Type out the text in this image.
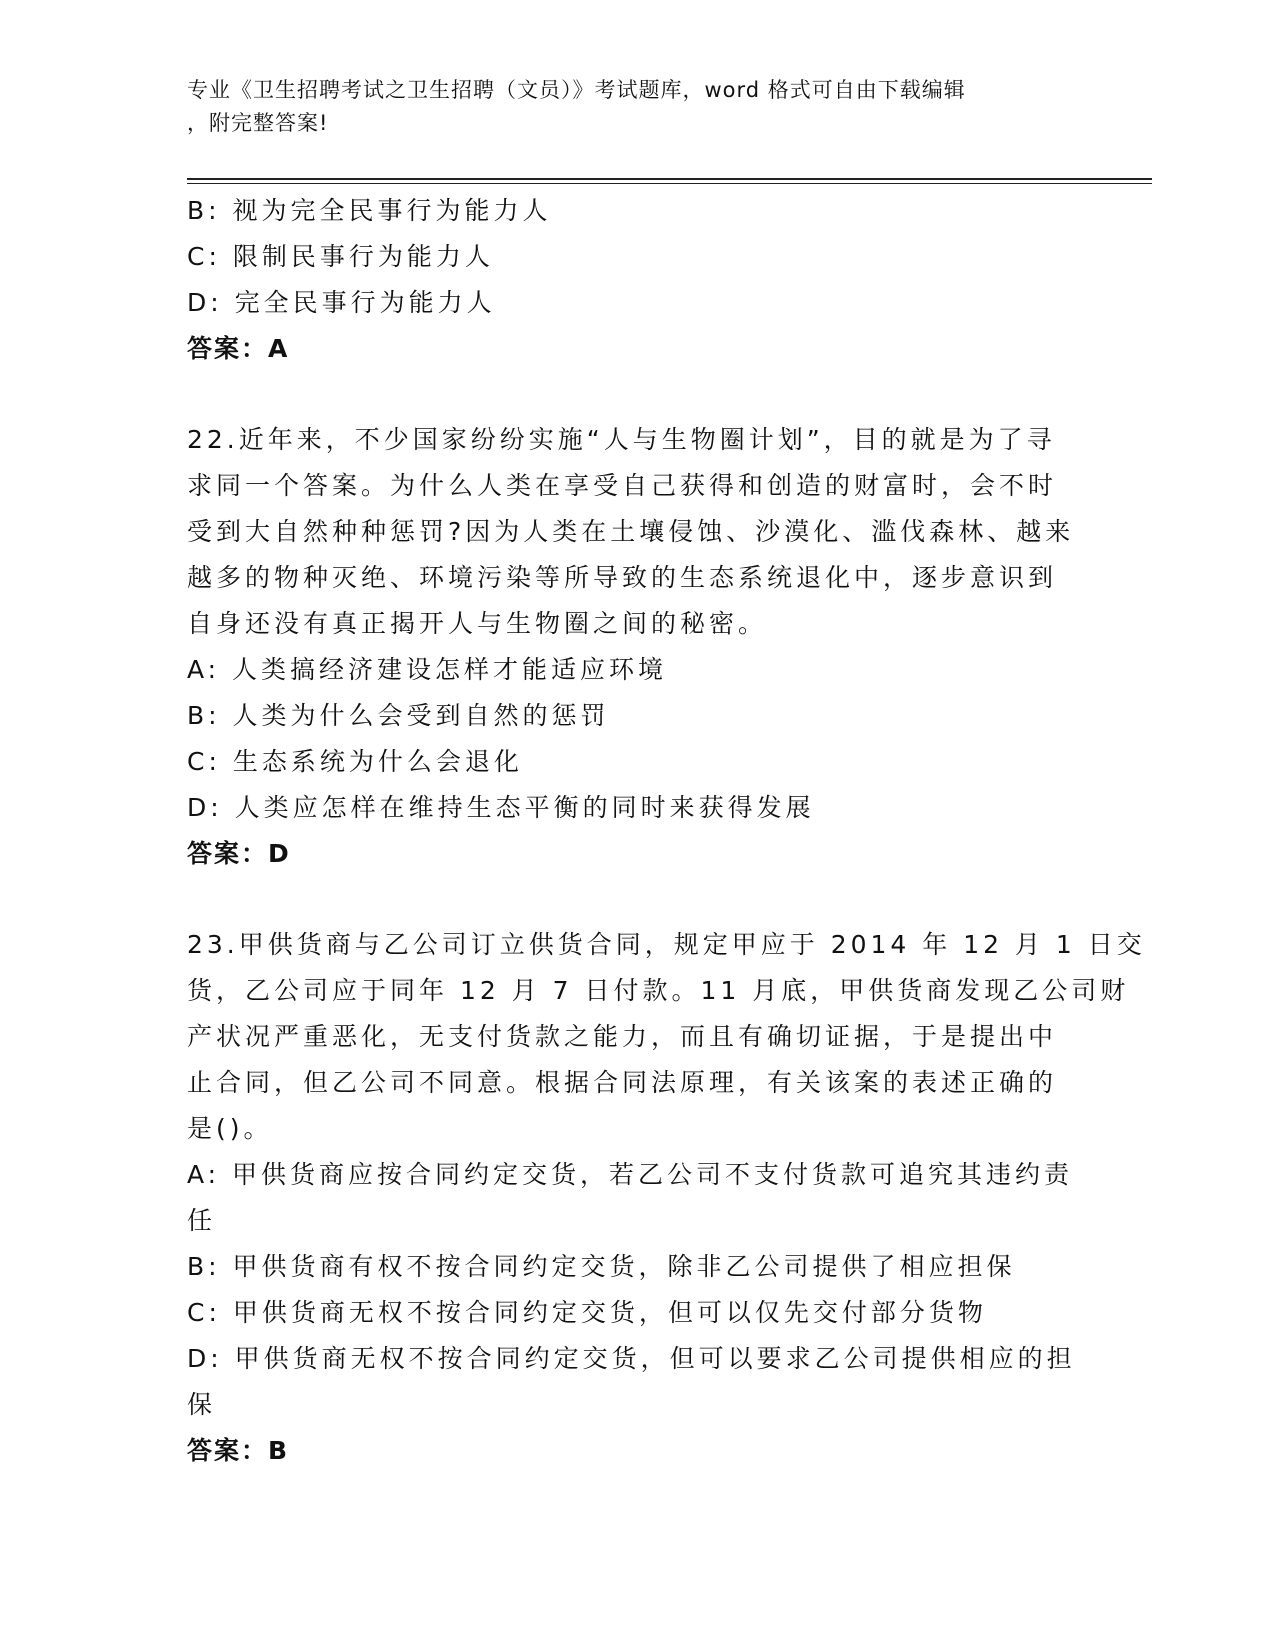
专业《卫生招聘考试之卫生招聘（文员）》考试题库，word 格式可自由下载编辑
，附完整答案!

B: 视为完全民事行为能力人

C: 限制民事行为能力人

D: 完全民事行为能力人

答案：A

22.近年来，不少国家纷纷实施“人与生物圈计划”，目的就是为了寻

求同一个答案。为什么人类在享受自己获得和创造的财富时，会不时

受到大自然种种惩罚?因为人类在土壤侵蚀、沙漠化、滥伐森林、越来

越多的物种灭绝、环境污染等所导致的生态系统退化中，逐步意识到

自身还没有真正揭开人与生物圈之间的秘密。

A: 人类搞经济建设怎样才能适应环境

B: 人类为什么会受到自然的惩罚

C: 生态系统为什么会退化

D: 人类应怎样在维持生态平衡的同时来获得发展

答案：D

23.甲供货商与乙公司订立供货合同，规定甲应于 2014 年 12 月 1 日交

货，乙公司应于同年 12 月 7 日付款。11 月底，甲供货商发现乙公司财

产状况严重恶化，无支付货款之能力，而且有确切证据，于是提出中

止合同，但乙公司不同意。根据合同法原理，有关该案的表述正确的

是()。

A: 甲供货商应按合同约定交货，若乙公司不支付货款可追究其违约责

任

B: 甲供货商有权不按合同约定交货，除非乙公司提供了相应担保

C: 甲供货商无权不按合同约定交货，但可以仅先交付部分货物

D: 甲供货商无权不按合同约定交货，但可以要求乙公司提供相应的担

保

答案：B
